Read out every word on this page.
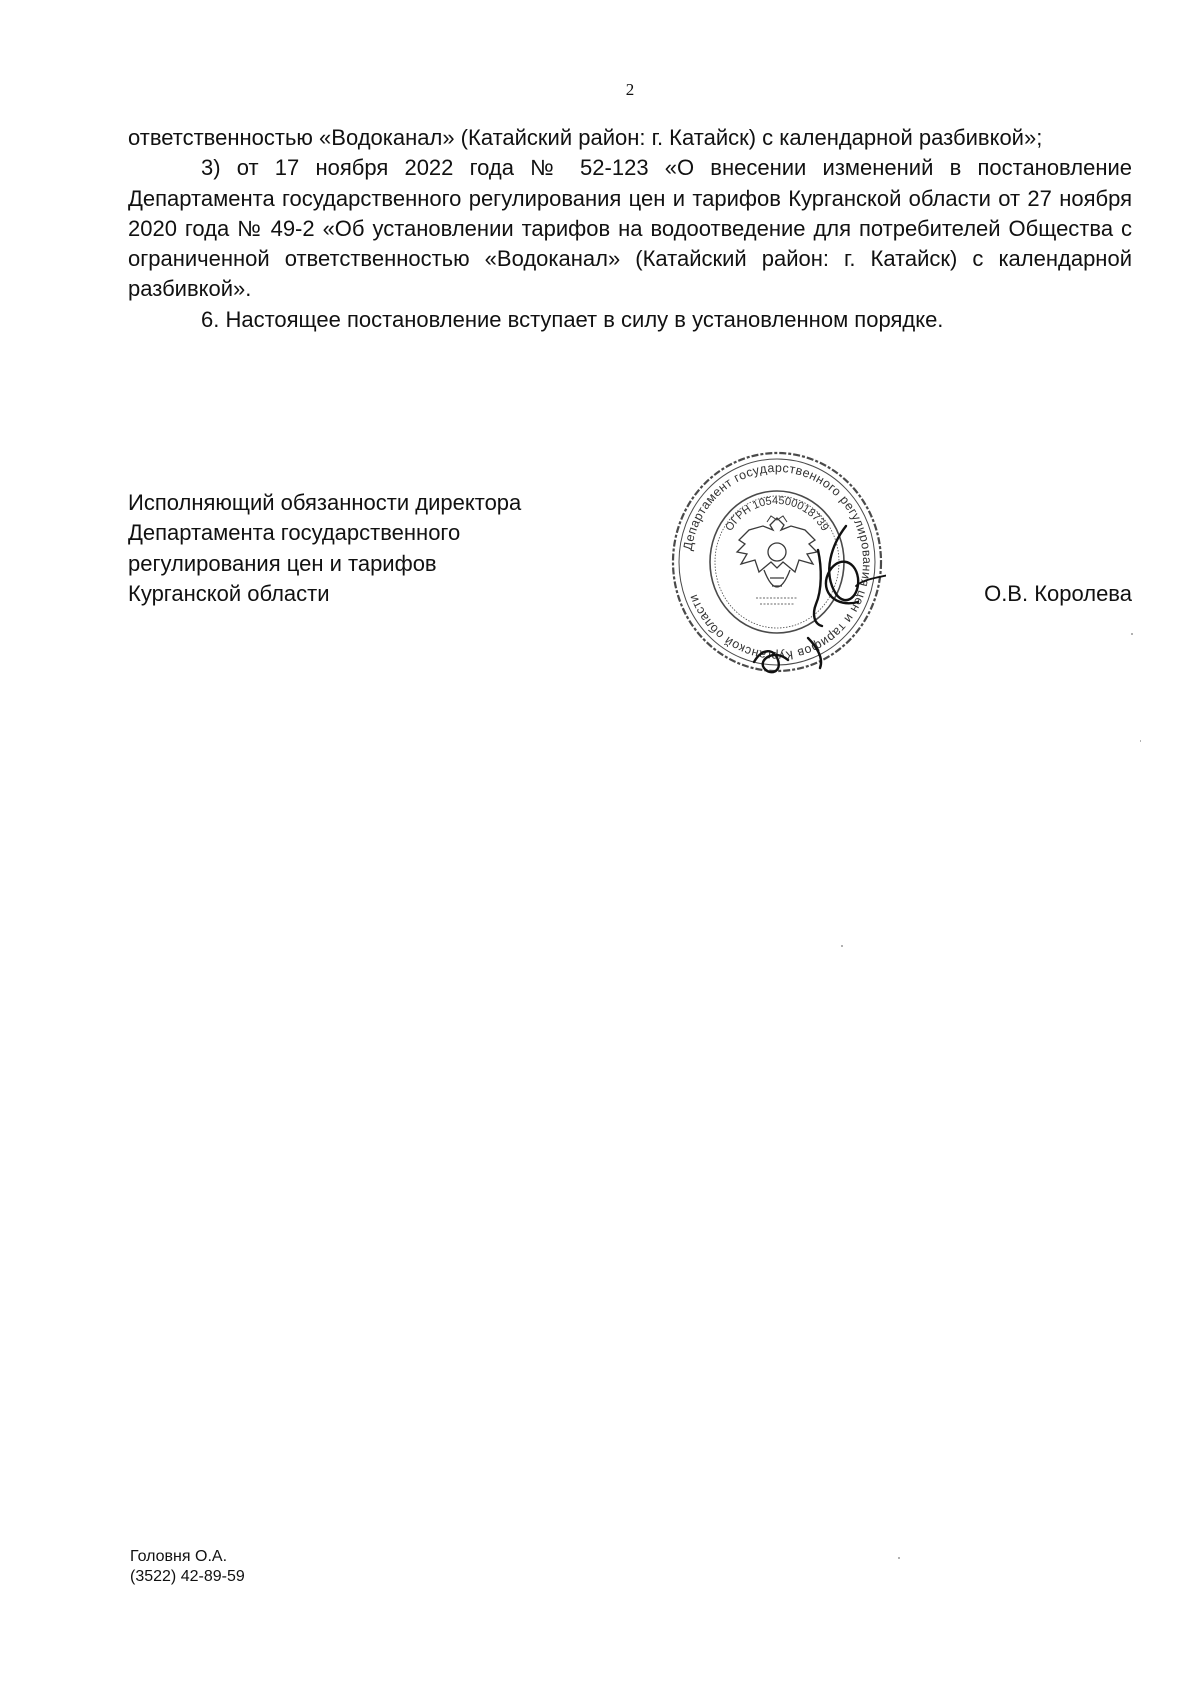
2

ответственностью «Водоканал» (Катайский район: г. Катайск) с календарной разбивкой»;

3) от 17 ноября 2022 года № 52-123 «О внесении изменений в постановление Департамента государственного регулирования цен и тарифов Курганской области от 27 ноября 2020 года № 49-2 «Об установлении тарифов на водоотведение для потребителей Общества с ограниченной ответственностью «Водоканал» (Катайский район: г. Катайск) с календарной разбивкой».

6. Настоящее постановление вступает в силу в установленном порядке.

Исполняющий обязанности директора
Департамента государственного
регулирования цен и тарифов
Курганской области
Департамент государственного регулирования цен и тарифов Курганской области
ОГРН 1054500018739
О.В. Королева
Головня О.А.
(3522) 42-89-59
